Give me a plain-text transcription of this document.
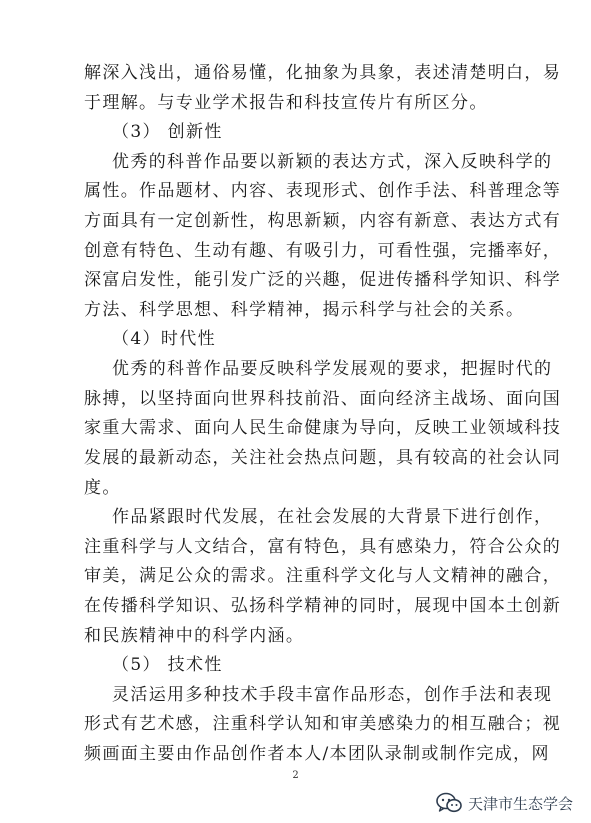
解深入浅出，通俗易懂，化抽象为具象，表述清楚明白，易
于理解。与专业学术报告和科技宣传片有所区分。
（3） 创新性
优秀的科普作品要以新颖的表达方式，深入反映科学的
属性。作品题材、内容、表现形式、创作手法、科普理念等
方面具有一定创新性，构思新颖，内容有新意、表达方式有
创意有特色、生动有趣、有吸引力，可看性强，完播率好，
深富启发性，能引发广泛的兴趣，促进传播科学知识、科学
方法、科学思想、科学精神，揭示科学与社会的关系。
（4）时代性
优秀的科普作品要反映科学发展观的要求，把握时代的
脉搏，以坚持面向世界科技前沿、面向经济主战场、面向国
家重大需求、面向人民生命健康为导向，反映工业领域科技
发展的最新动态，关注社会热点问题，具有较高的社会认同
度。
作品紧跟时代发展，在社会发展的大背景下进行创作，
注重科学与人文结合，富有特色，具有感染力，符合公众的
审美，满足公众的需求。注重科学文化与人文精神的融合，
在传播科学知识、弘扬科学精神的同时，展现中国本土创新
和民族精神中的科学内涵。
（5） 技术性
灵活运用多种技术手段丰富作品形态，创作手法和表现
形式有艺术感，注重科学认知和审美感染力的相互融合；视
频画面主要由作品创作者本人/本团队录制或制作完成，网
2
天津市生态学会
